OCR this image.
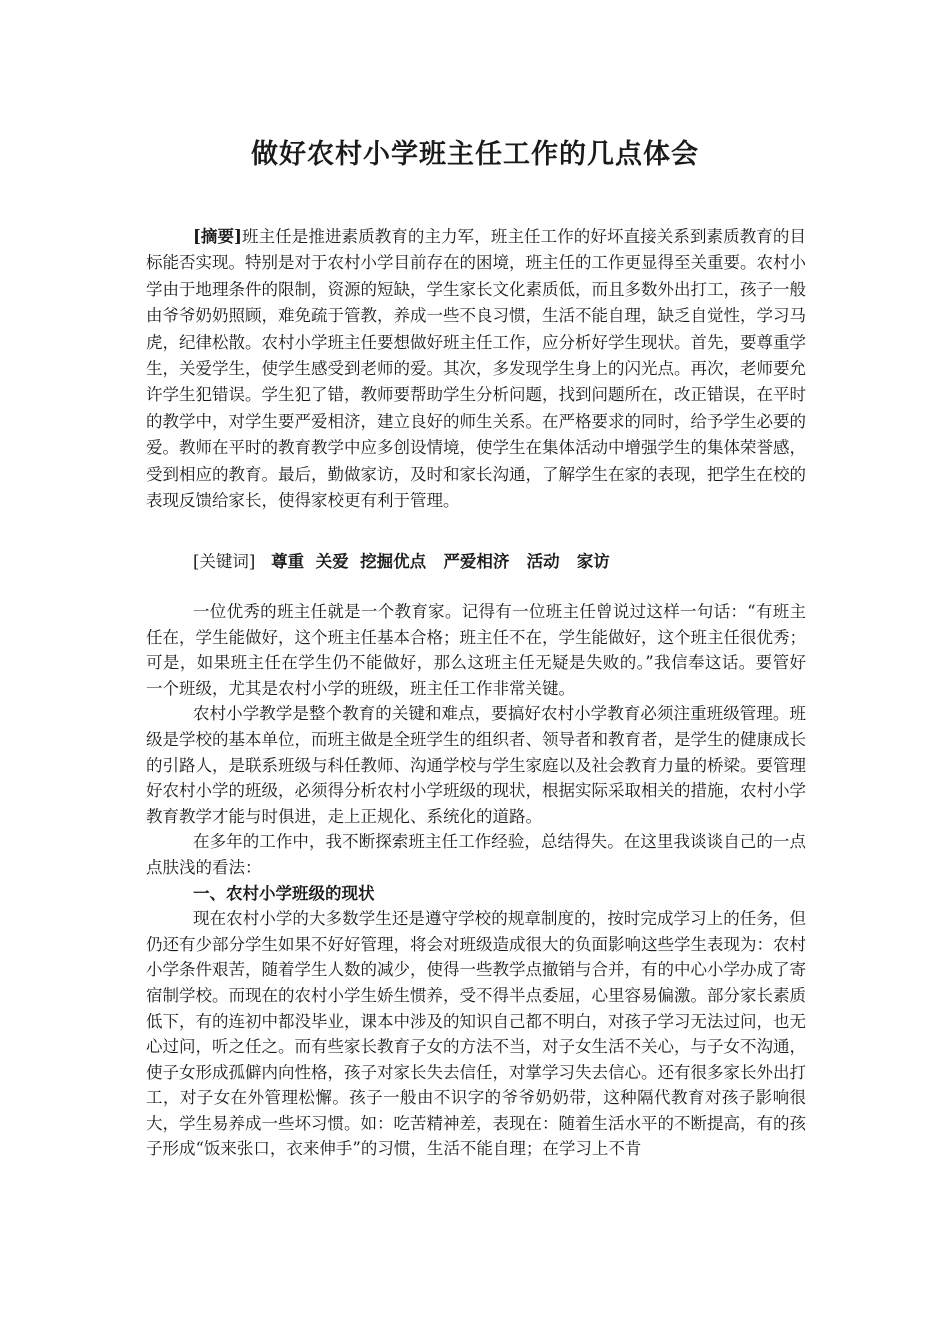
做好农村小学班主任工作的几点体会
[摘要]班主任是推进素质教育的主力军，班主任工作的好坏直接关系到素质教育的目标能否实现。特别是对于农村小学目前存在的困境，班主任的工作更显得至关重要。农村小学由于地理条件的限制，资源的短缺，学生家长文化素质低，而且多数外出打工，孩子一般由爷爷奶奶照顾，难免疏于管教，养成一些不良习惯，生活不能自理，缺乏自觉性，学习马虎，纪律松散。农村小学班主任要想做好班主任工作，应分析好学生现状。首先，要尊重学生，关爱学生，使学生感受到老师的爱。其次，多发现学生身上的闪光点。再次，老师要允许学生犯错误。学生犯了错，教师要帮助学生分析问题，找到问题所在，改正错误，在平时的教学中，对学生要严爱相济，建立良好的师生关系。在严格要求的同时，给予学生必要的爱。教师在平时的教育教学中应多创设情境，使学生在集体活动中增强学生的集体荣誉感，受到相应的教育。最后，勤做家访，及时和家长沟通，了解学生在家的表现，把学生在校的表现反馈给家长，使得家校更有利于管理。
[关键词] 尊重  关爱  挖掘优点   严爱相济   活动   家访

一位优秀的班主任就是一个教育家。记得有一位班主任曾说过这样一句话：“有班主任在，学生能做好，这个班主任基本合格；班主任不在，学生能做好，这个班主任很优秀；可是，如果班主任在学生仍不能做好，那么这班主任无疑是失败的。”我信奉这话。要管好一个班级，尤其是农村小学的班级，班主任工作非常关键。

农村小学教学是整个教育的关键和难点，要搞好农村小学教育必须注重班级管理。班级是学校的基本单位，而班主做是全班学生的组织者、领导者和教育者，是学生的健康成长的引路人，是联系班级与科任教师、沟通学校与学生家庭以及社会教育力量的桥梁。要管理好农村小学的班级，必须得分析农村小学班级的现状，根据实际采取相关的措施，农村小学教育教学才能与时俱进，走上正规化、系统化的道路。

在多年的工作中，我不断探索班主任工作经验，总结得失。在这里我谈谈自己的一点点肤浅的看法：

一、农村小学班级的现状

现在农村小学的大多数学生还是遵守学校的规章制度的，按时完成学习上的任务，但仍还有少部分学生如果不好好管理，将会对班级造成很大的负面影响这些学生表现为：农村小学条件艰苦，随着学生人数的减少，使得一些教学点撤销与合并，有的中心小学办成了寄宿制学校。而现在的农村小学生娇生惯养，受不得半点委屈，心里容易偏激。部分家长素质低下，有的连初中都没毕业，课本中涉及的知识自己都不明白，对孩子学习无法过问，也无心过问，听之任之。而有些家长教育子女的方法不当，对子女生活不关心，与子女不沟通，使子女形成孤僻内向性格，孩子对家长失去信任，对掌学习失去信心。还有很多家长外出打工，对子女在外管理松懈。孩子一般由不识字的爷爷奶奶带，这种隔代教育对孩子影响很大，学生易养成一些坏习惯。如：吃苦精神差，表现在：随着生活水平的不断提高，有的孩子形成“饭来张口，衣来伸手”的习惯，生活不能自理；在学习上不肯
